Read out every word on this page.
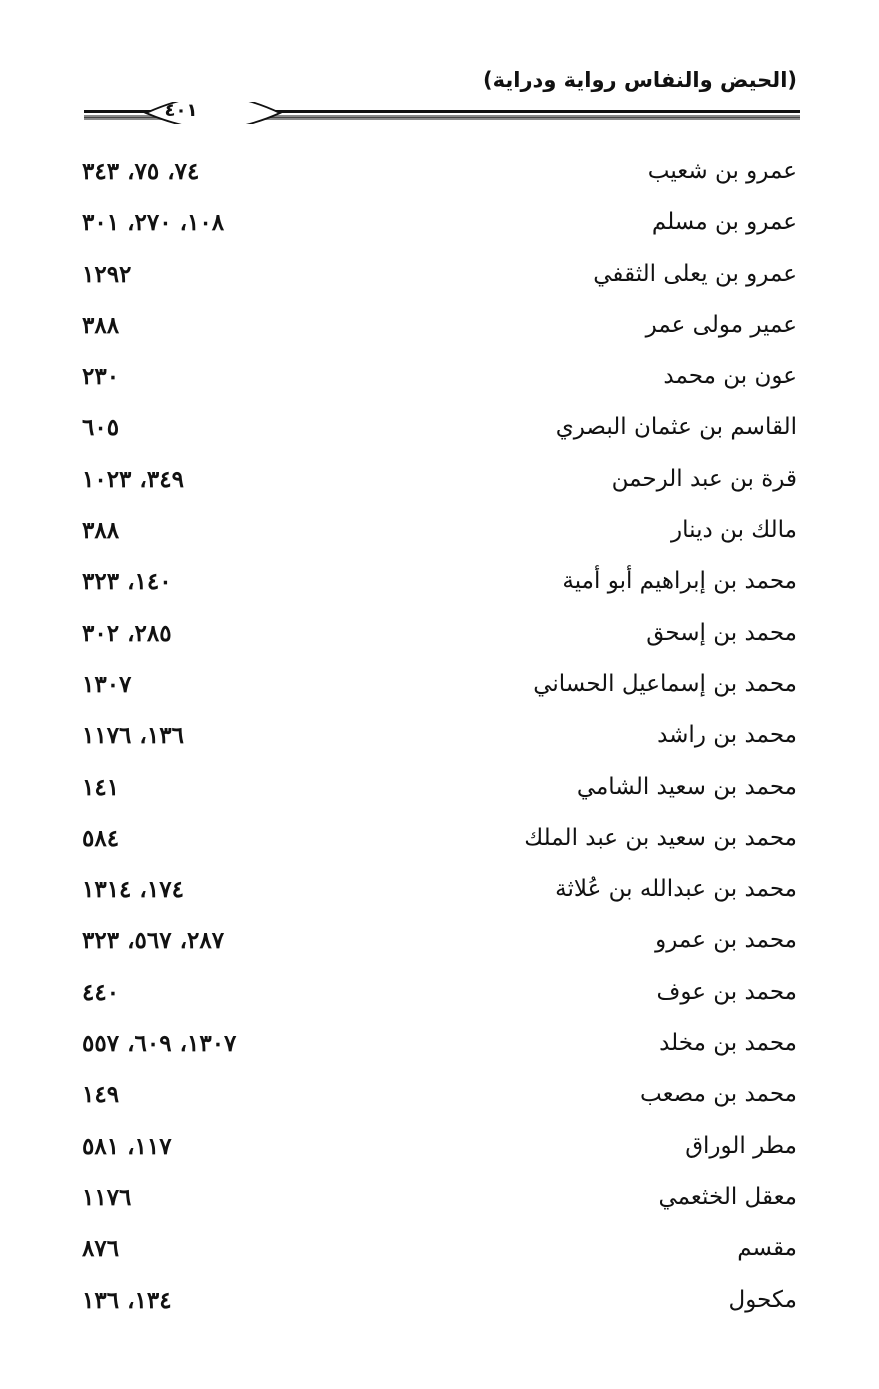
(الحيض والنفاس رواية ودراية)
٤٠١
عمرو بن شعيب
٧٤، ٧٥، ٣٤٣
عمرو بن مسلم
١٠٨، ٢٧٠، ٣٠١
عمرو بن يعلى الثقفي
١٢٩٢
عمير مولى عمر
٣٨٨
عون بن محمد
٢٣٠
القاسم بن عثمان البصري
٦٠٥
قرة بن عبد الرحمن
٣٤٩، ١٠٢٣
مالك بن دينار
٣٨٨
محمد بن إبراهيم أبو أمية
١٤٠، ٣٢٣
محمد بن إسحق
٢٨٥، ٣٠٢
محمد بن إسماعيل الحساني
١٣٠٧
محمد بن راشد
١٣٦، ١١٧٦
محمد بن سعيد الشامي
١٤١
محمد بن سعيد بن عبد الملك
٥٨٤
محمد بن عبدالله بن عُلاثة
١٧٤، ١٣١٤
محمد بن عمرو
٢٨٧، ٥٦٧، ٣٢٣
محمد بن عوف
٤٤٠
محمد بن مخلد
١٣٠٧، ٦٠٩، ٥٥٧
محمد بن مصعب
١٤٩
مطر الوراق
١١٧، ٥٨١
معقل الخثعمي
١١٧٦
مقسم
٨٧٦
مكحول
١٣٤، ١٣٦
